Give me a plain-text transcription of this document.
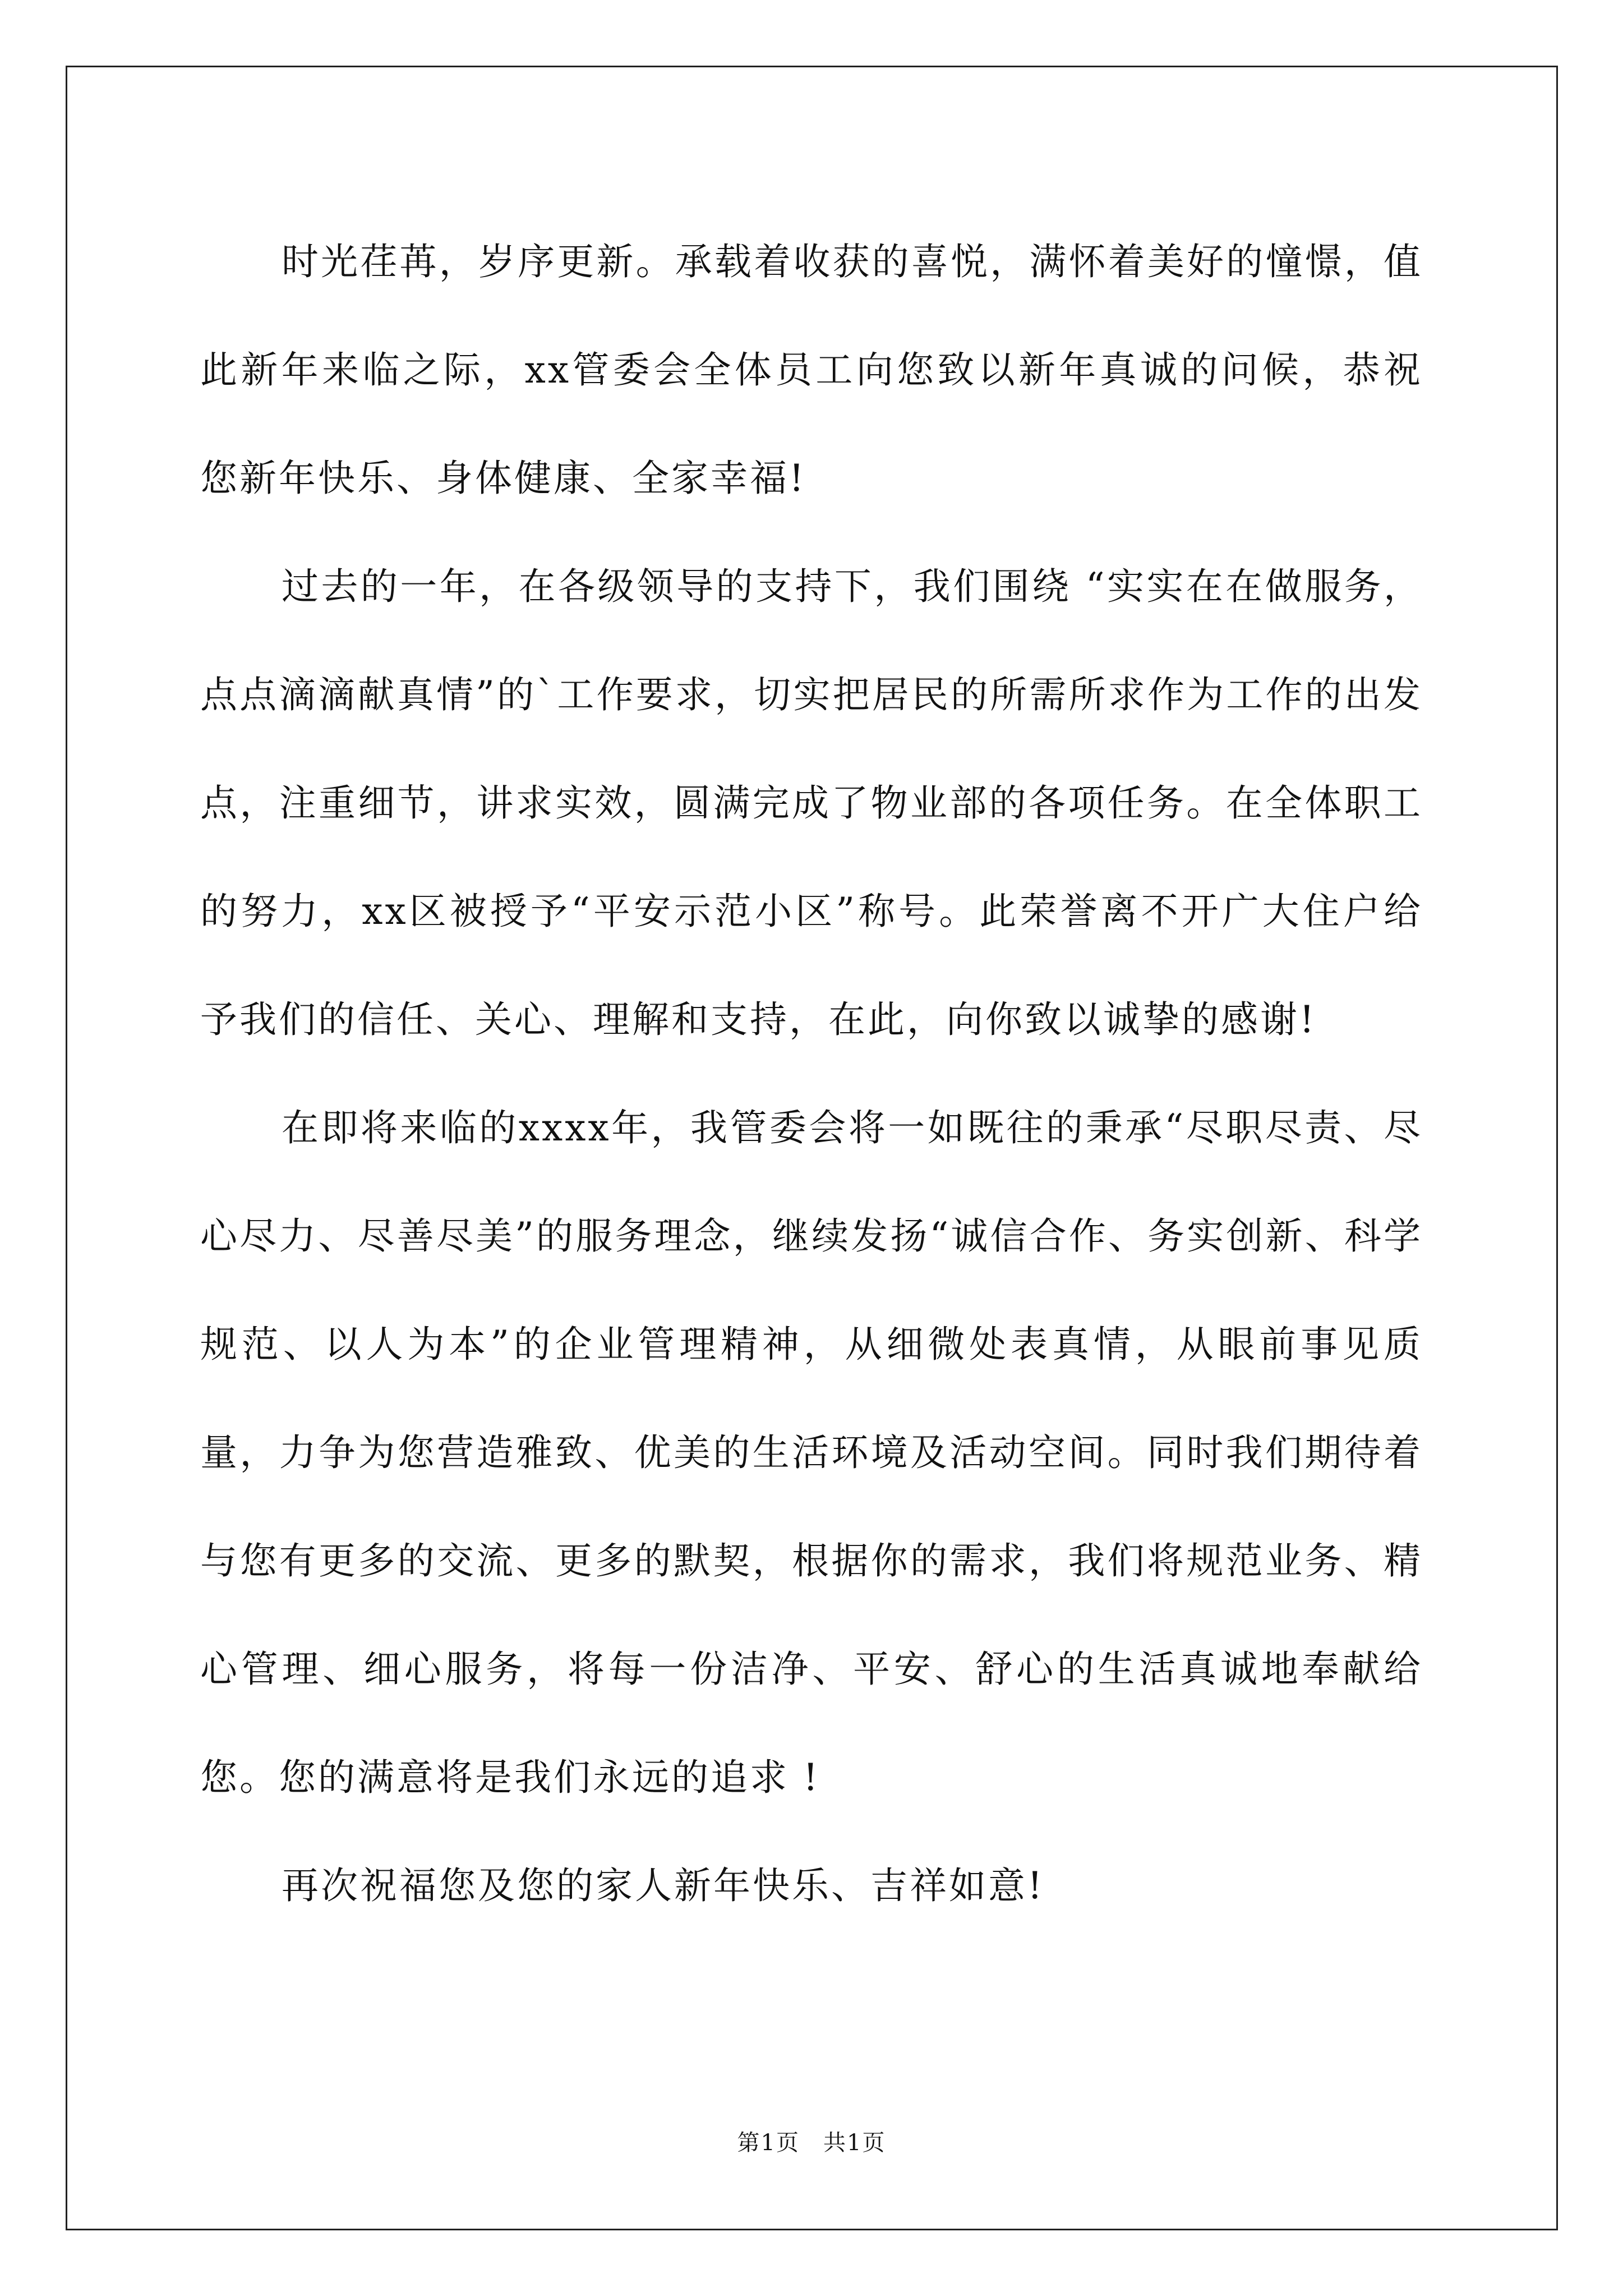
时光荏苒，岁序更新。承载着收获的喜悦，满怀着美好的憧憬，值此新年来临之际，xx管委会全体员工向您致以新年真诚的问候，恭祝您新年快乐、身体健康、全家幸福!

过去的一年，在各级领导的支持下，我们围绕 “实实在在做服务，点点滴滴献真情”的`工作要求，切实把居民的所需所求作为工作的出发点，注重细节，讲求实效，圆满完成了物业部的各项任务。在全体职工的努力，xx区被授予“平安示范小区”称号。此荣誉离不开广大住户给予我们的信任、关心、理解和支持，在此，向你致以诚挚的感谢!

在即将来临的xxxx年，我管委会将一如既往的秉承“尽职尽责、尽心尽力、尽善尽美”的服务理念，继续发扬“诚信合作、务实创新、科学规范、以人为本”的企业管理精神，从细微处表真情，从眼前事见质量，力争为您营造雅致、优美的生活环境及活动空间。同时我们期待着与您有更多的交流、更多的默契，根据你的需求，我们将规范业务、精心管理、细心服务，将每一份洁净、平安、舒心的生活真诚地奉献给您。您的满意将是我们永远的追求 !

再次祝福您及您的家人新年快乐、吉祥如意!

第1页　共1页
